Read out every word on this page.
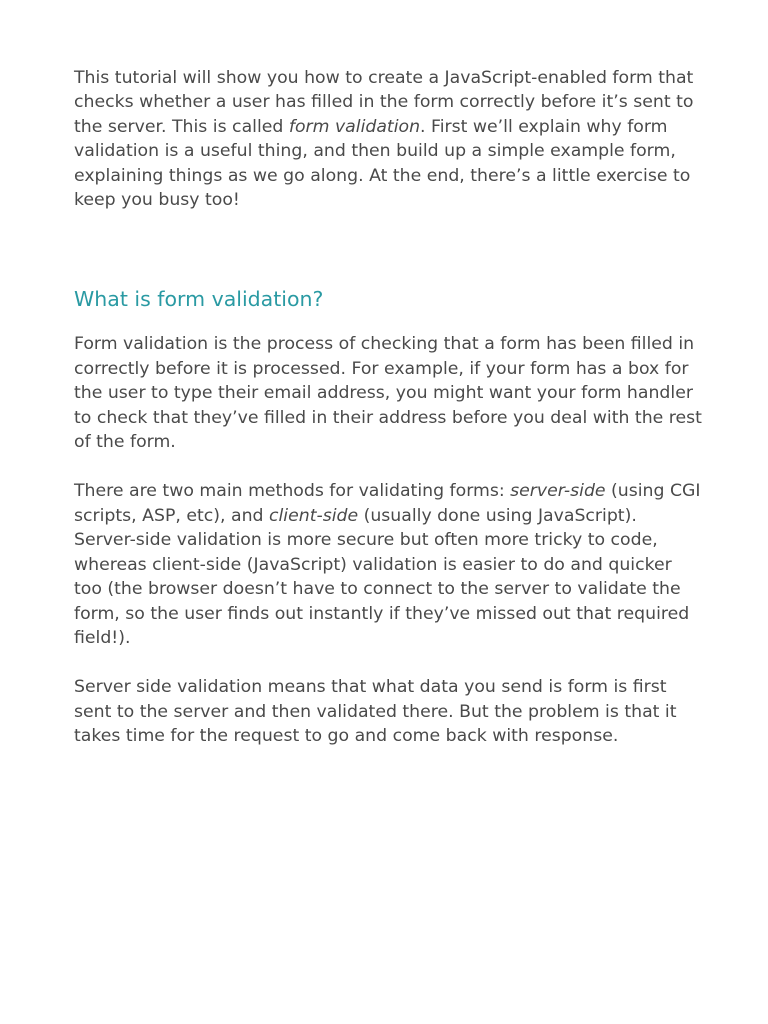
This tutorial will show you how to create a JavaScript-enabled form that checks whether a user has filled in the form correctly before it’s sent to the server. This is called form validation. First we’ll explain why form validation is a useful thing, and then build up a simple example form, explaining things as we go along. At the end, there’s a little exercise to keep you busy too!

What is form validation?

Form validation is the process of checking that a form has been filled in correctly before it is processed. For example, if your form has a box for the user to type their email address, you might want your form handler to check that they’ve filled in their address before you deal with the rest of the form.

There are two main methods for validating forms: server-side (using CGI scripts, ASP, etc), and client-side (usually done using JavaScript). Server-side validation is more secure but often more tricky to code, whereas client-side (JavaScript) validation is easier to do and quicker too (the browser doesn’t have to connect to the server to validate the form, so the user finds out instantly if they’ve missed out that required field!).

Server side validation means that what data you send is form is first sent to the server and then validated there. But the problem is that it takes time for the request to go and come back with response.
